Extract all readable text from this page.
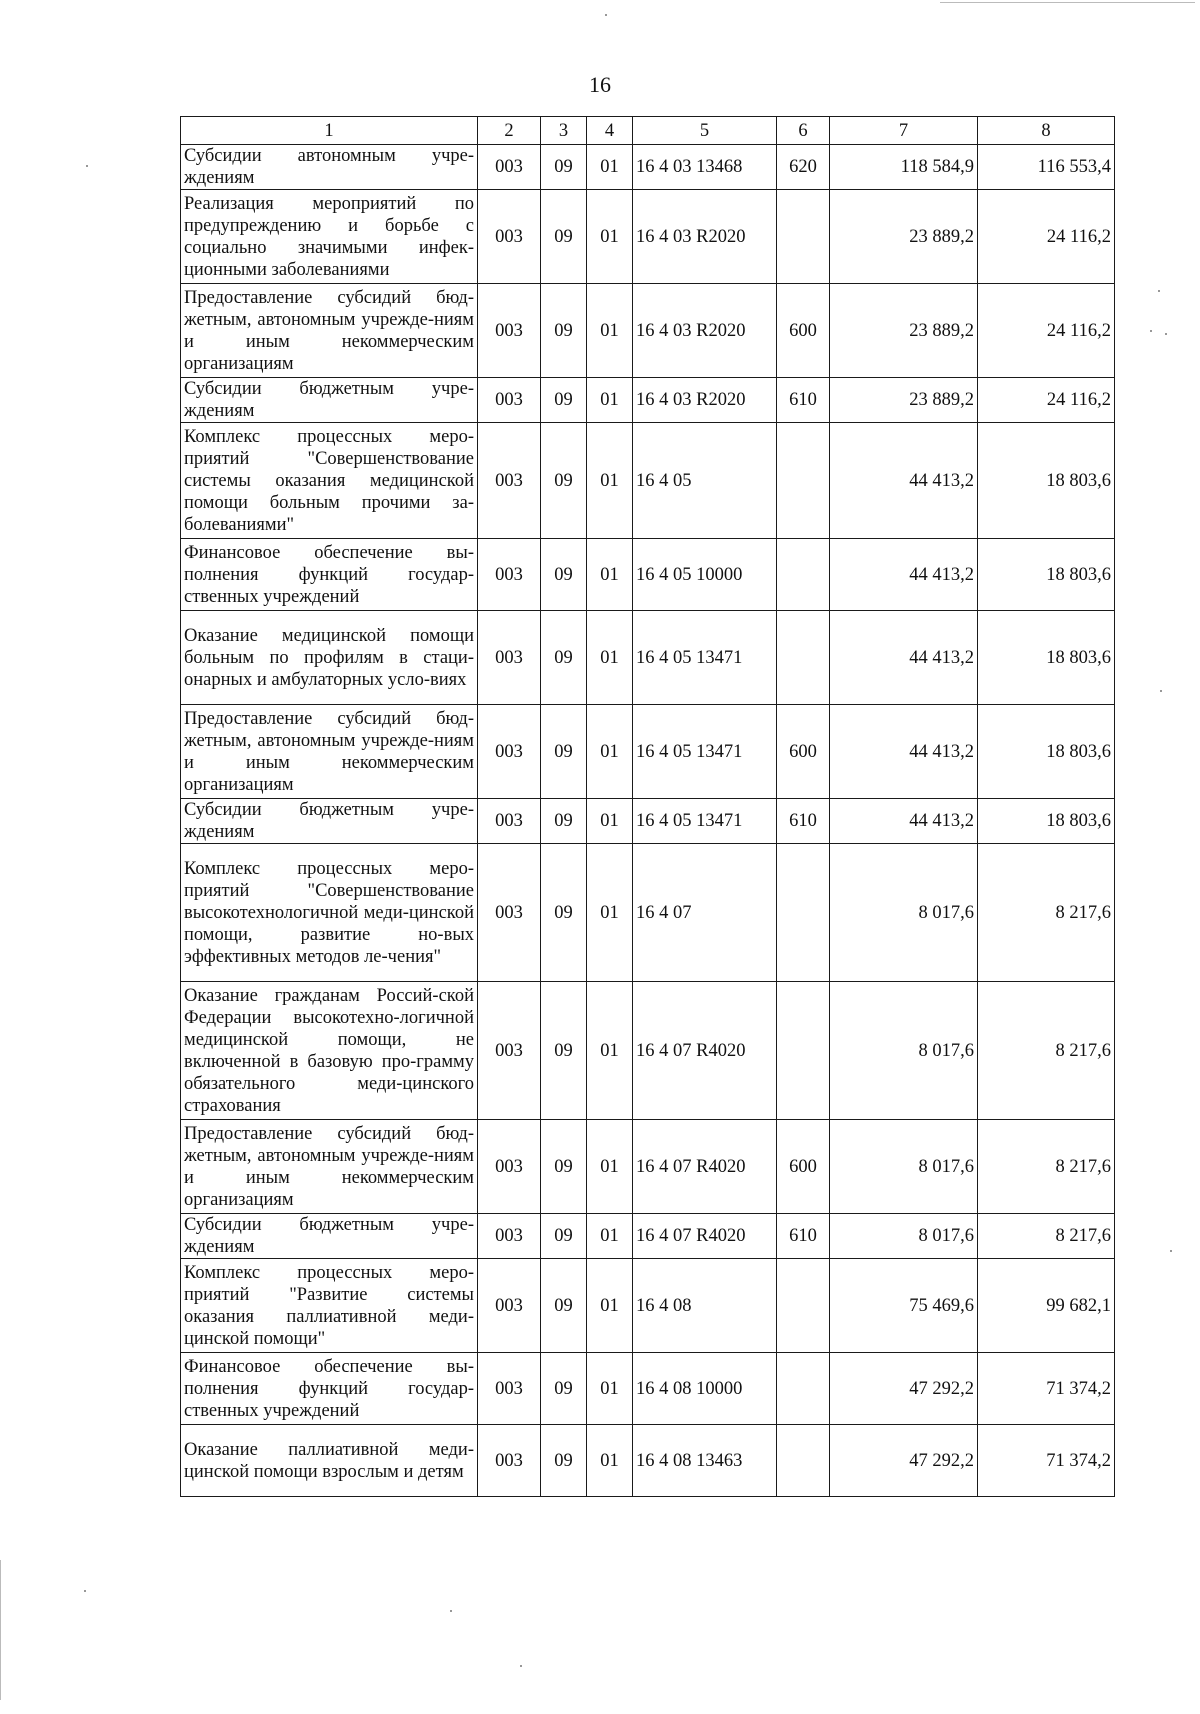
16
1	2	3	4	5	6	7	8
Субсидии автономным учре-ждениям	003	09	01	16 4 03 13468	620	118 584,9	116 553,4
Реализация мероприятий по предупреждению и борьбе с социально значимыми инфек-ционными заболеваниями	003	09	01	16 4 03 R2020		23 889,2	24 116,2
Предоставление субсидий бюд-жетным, автономным учрежде-ниям и иным некоммерческим организациям	003	09	01	16 4 03 R2020	600	23 889,2	24 116,2
Субсидии бюджетным учре-ждениям	003	09	01	16 4 03 R2020	610	23 889,2	24 116,2
Комплекс процессных меро-приятий "Совершенствование системы оказания медицинской помощи больным прочими за-болеваниями"	003	09	01	16 4 05		44 413,2	18 803,6
Финансовое обеспечение вы-полнения функций государ-ственных учреждений	003	09	01	16 4 05 10000		44 413,2	18 803,6
Оказание медицинской помощи больным по профилям в стаци-онарных и амбулаторных усло-виях	003	09	01	16 4 05 13471		44 413,2	18 803,6
Предоставление субсидий бюд-жетным, автономным учрежде-ниям и иным некоммерческим организациям	003	09	01	16 4 05 13471	600	44 413,2	18 803,6
Субсидии бюджетным учре-ждениям	003	09	01	16 4 05 13471	610	44 413,2	18 803,6
Комплекс процессных меро-приятий "Совершенствование высокотехнологичной меди-цинской помощи, развитие но-вых эффективных методов ле-чения"	003	09	01	16 4 07		8 017,6	8 217,6
Оказание гражданам Россий-ской Федерации высокотехно-логичной медицинской помощи, не включенной в базовую про-грамму обязательного меди-цинского страхования	003	09	01	16 4 07 R4020		8 017,6	8 217,6
Предоставление субсидий бюд-жетным, автономным учрежде-ниям и иным некоммерческим организациям	003	09	01	16 4 07 R4020	600	8 017,6	8 217,6
Субсидии бюджетным учре-ждениям	003	09	01	16 4 07 R4020	610	8 017,6	8 217,6
Комплекс процессных меро-приятий "Развитие системы оказания паллиативной меди-цинской помощи"	003	09	01	16 4 08		75 469,6	99 682,1
Финансовое обеспечение вы-полнения функций государ-ственных учреждений	003	09	01	16 4 08 10000		47 292,2	71 374,2
Оказание паллиативной меди-цинской помощи взрослым и детям	003	09	01	16 4 08 13463		47 292,2	71 374,2
